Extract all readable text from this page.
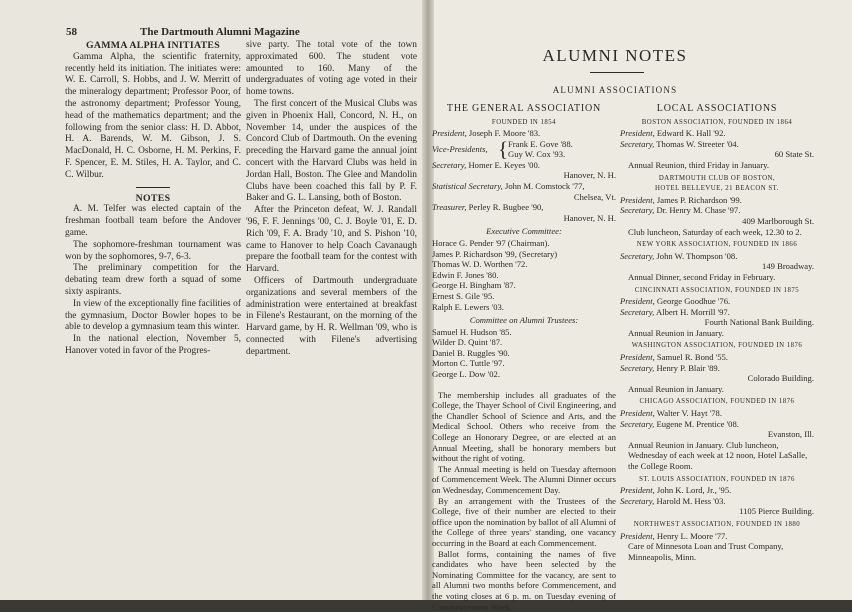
58	The Dartmouth Alumni Magazine
GAMMA ALPHA INITIATES

Gamma Alpha, the scientific fraternity, recently held its initiation. The initiates were: W. E. Carroll, S. Hobbs, and J. W. Merritt of the mineralogy department; Professor Poor, of the astronomy department; Professor Young, head of the mathematics department; and the following from the senior class: H. D. Abbot, H. A. Barends, W. M. Gibson, J. S. MacDonald, H. C. Osborne, H. M. Perkins, F. F. Spencer, E. M. Stiles, H. A. Taylor, and C. C. Wilbur.

NOTES

A. M. Telfer was elected captain of the freshman football team before the Andover game.

The sophomore-freshman tournament was won by the sophomores, 9-7, 6-3.

The preliminary competition for the debating team drew forth a squad of some sixty aspirants.

In view of the exceptionally fine facilities of the gymnasium, Doctor Bowler hopes to be able to develop a gymnasium team this winter.

In the national election, November 5, Hanover voted in favor of the Progres-

sive party. The total vote of the town approximated 600. The student vote amounted to 160. Many of the undergraduates of voting age voted in their home towns.

The first concert of the Musical Clubs was given in Phoenix Hall, Concord, N. H., on November 14, under the auspices of the Concord Club of Dartmouth. On the evening preceding the Harvard game the annual joint concert with the Harvard Clubs was held in Jordan Hall, Boston. The Glee and Mandolin Clubs have been coached this fall by P. F. Baker and G. L. Lansing, both of Boston.

After the Princeton defeat, W. J. Randall '96, F. F. Jennings '00, C. J. Boyle '01, E. D. Rich '09, F. A. Brady '10, and S. Pishon '10, came to Hanover to help Coach Cavanaugh prepare the football team for the contest with Harvard.

Officers of Dartmouth undergraduate organizations and several members of the administration were entertained at breakfast in Filene's Restaurant, on the morning of the Harvard game, by H. R. Wellman '09, who is connected with Filene's advertising department.

ALUMNI NOTES
ALUMNI ASSOCIATIONS
THE GENERAL ASSOCIATION
FOUNDED IN 1854
President, Joseph F. Moore '83.
Vice-Presidents, { Frank E. Gove '88.
Guy W. Cox '93.
Secretary, Homer E. Keyes '00.
Hanover, N. H.
Statistical Secretary, John M. Comstock '77,
Chelsea, Vt.
Treasurer, Perley R. Bugbee '90,
Hanover, N. H.
Executive Committee:
Horace G. Pender '97 (Chairman).
James P. Richardson '99, (Secretary)
Thomas W. D. Worthen '72.
Edwin F. Jones '80.
George H. Bingham '87.
Ernest S. Gile '95.
Ralph E. Lewers '03.
Committee on Alumni Trustees:
Samuel H. Hudson '85.
Wilder D. Quint '87.
Daniel B. Ruggles '90.
Morton C. Tuttle '97.
George L. Dow '02.

The membership includes all graduates of the College, the Thayer School of Civil Engineering, and the Chandler School of Science and Arts, and the Medical School. Others who receive from the College an Honorary Degree, or are elected at an Annual Meeting, shall be honorary members but without the right of voting.

The Annual meeting is held on Tuesday afternoon of Commencement Week. The Alumni Dinner occurs on Wednesday, Commencement Day.

By an arrangement with the Trustees of the College, five of their number are elected to their office upon the nomination by ballot of all Alumni of the College of three years' standing, one vacancy occurring in the Board at each Commencement.

Ballot forms, containing the names of five candidates who have been selected by the Nominating Committee for the vacancy, are sent to all Alumni two months before Commencement, and the voting closes at 6 p. m. on Tuesday evening of Commencement Week.

LOCAL ASSOCIATIONS
BOSTON ASSOCIATION, FOUNDED IN 1864
President, Edward K. Hall '92.
Secretary, Thomas W. Streeter '04.
60 State St.
Annual Reunion, third Friday in January.
DARTMOUTH CLUB OF BOSTON,
HOTEL BELLEVUE, 21 BEACON ST.
President, James P. Richardson '99.
Secretary, Dr. Henry M. Chase '97.
409 Marlborough St.
Club luncheon, Saturday of each week, 12.30 to 2.
NEW YORK ASSOCIATION, FOUNDED IN 1866
Secretary, John W. Thompson '08.
149 Broadway.
Annual Dinner, second Friday in February.
CINCINNATI ASSOCIATION, FOUNDED IN 1875
President, George Goodhue '76.
Secretary, Albert H. Morrill '97.
Fourth National Bank Building.
Annual Reunion in January.
WASHINGTON ASSOCIATION, FOUNDED IN 1876
President, Samuel R. Bond '55.
Secretary, Henry P. Blair '89.
Colorado Building.
Annual Reunion in January.
CHICAGO ASSOCIATION, FOUNDED IN 1876
President, Walter V. Hayt '78.
Secretary, Eugene M. Prentice '08.
Evanston, Ill.
Annual Reunion in January. Club luncheon, Wednesday of each week at 12 noon, Hotel LaSalle, the College Room.
ST. LOUIS ASSOCIATION, FOUNDED IN 1876
President, John K. Lord, Jr., '95.
Secretary, Harold M. Hess '03.
1105 Pierce Building.
NORTHWEST ASSOCIATION, FOUNDED IN 1880
President, Henry L. Moore '77.
Care of Minnesota Loan and Trust Company, Minneapolis, Minn.
